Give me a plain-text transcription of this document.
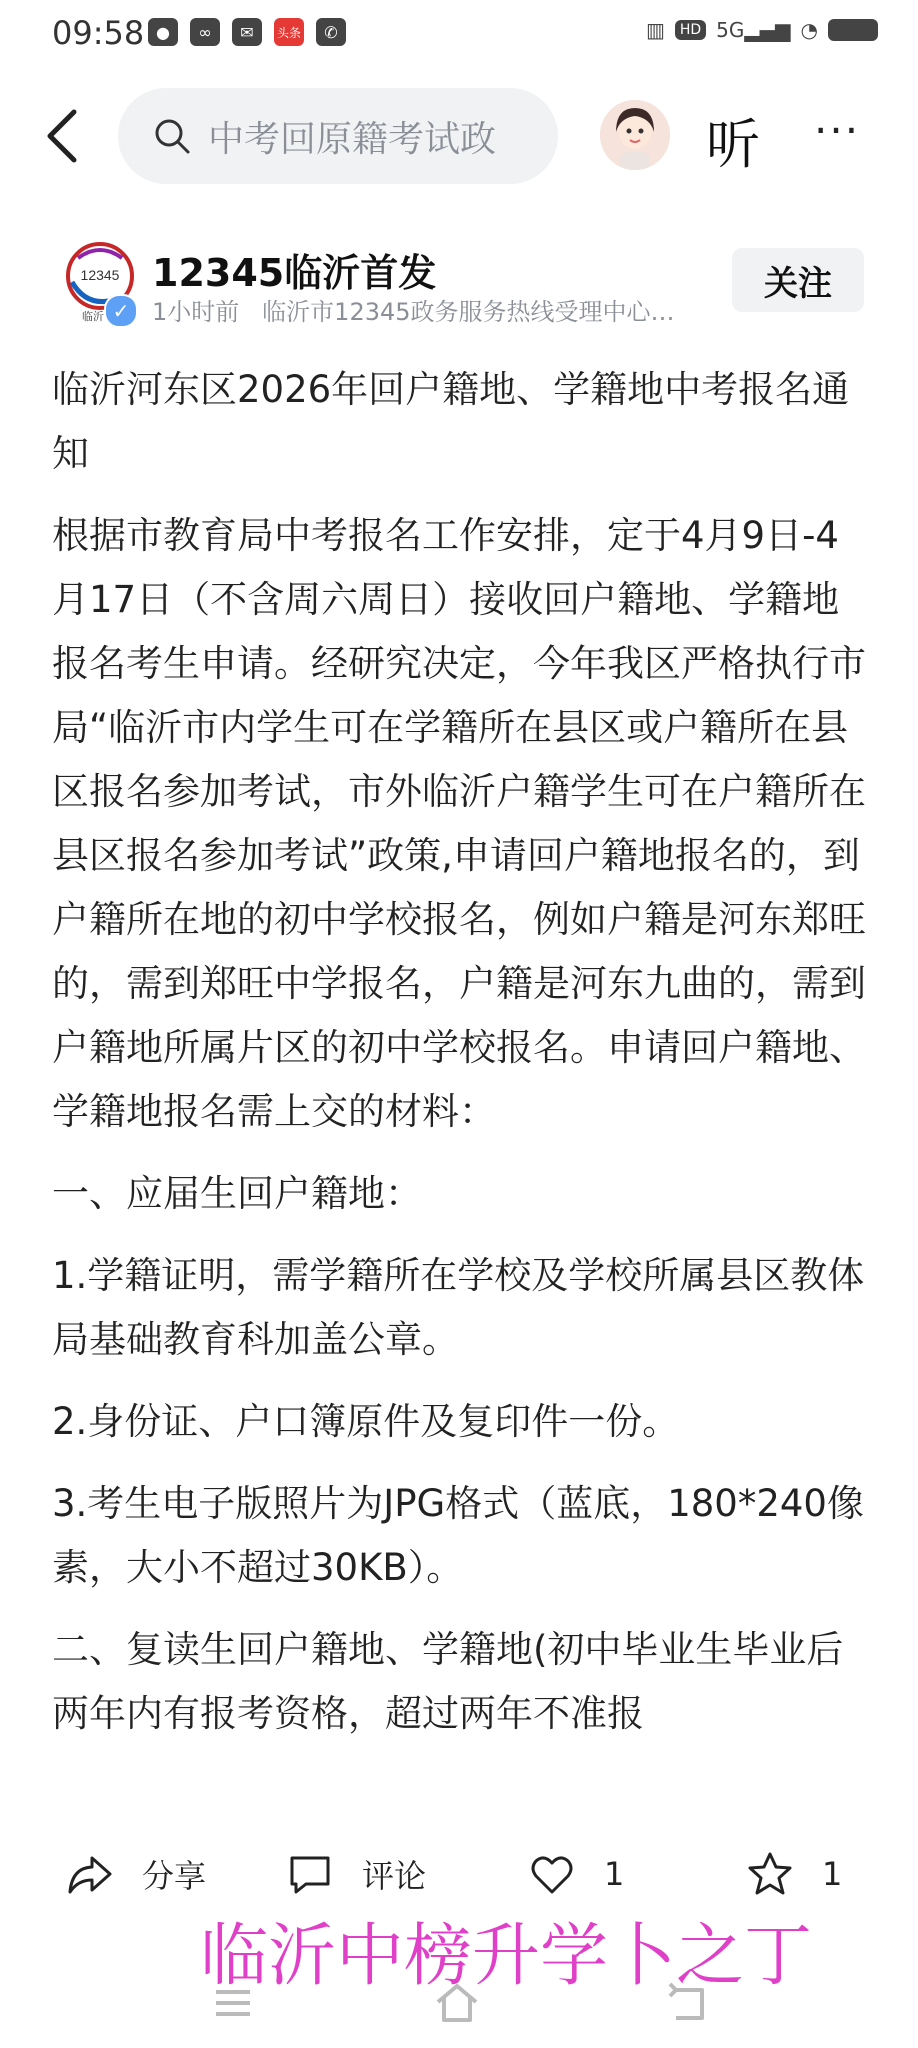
09:58 ●	∞	✉	头条	✆	▥	HD 5G▂▄▆ ◔
中考回原籍考试政	听 ···
12345
临沂 ✓
12345临沂首发
1小时前 临沂市12345政务服务热线受理中心…
关注

临沂河东区2026年回户籍地、学籍地中考报名通知

根据市教育局中考报名工作安排，定于4月9日-4月17日（不含周六周日）接收回户籍地、学籍地报名考生申请。经研究决定，今年我区严格执行市局“临沂市内学生可在学籍所在县区或户籍所在县区报名参加考试，市外临沂户籍学生可在户籍所在县区报名参加考试”政策,申请回户籍地报名的，到户籍所在地的初中学校报名，例如户籍是河东郑旺的，需到郑旺中学报名，户籍是河东九曲的，需到户籍地所属片区的初中学校报名。申请回户籍地、学籍地报名需上交的材料：

一、应届生回户籍地：

1.学籍证明，需学籍所在学校及学校所属县区教体局基础教育科加盖公章。

2.身份证、户口簿原件及复印件一份。

3.考生电子版照片为JPG格式（蓝底，180*240像素，大小不超过30KB）。

二、复读生回户籍地、学籍地(初中毕业生毕业后两年内有报考资格，超过两年不准报

分享	评论	1	1
临沂中榜升学卜之丁
